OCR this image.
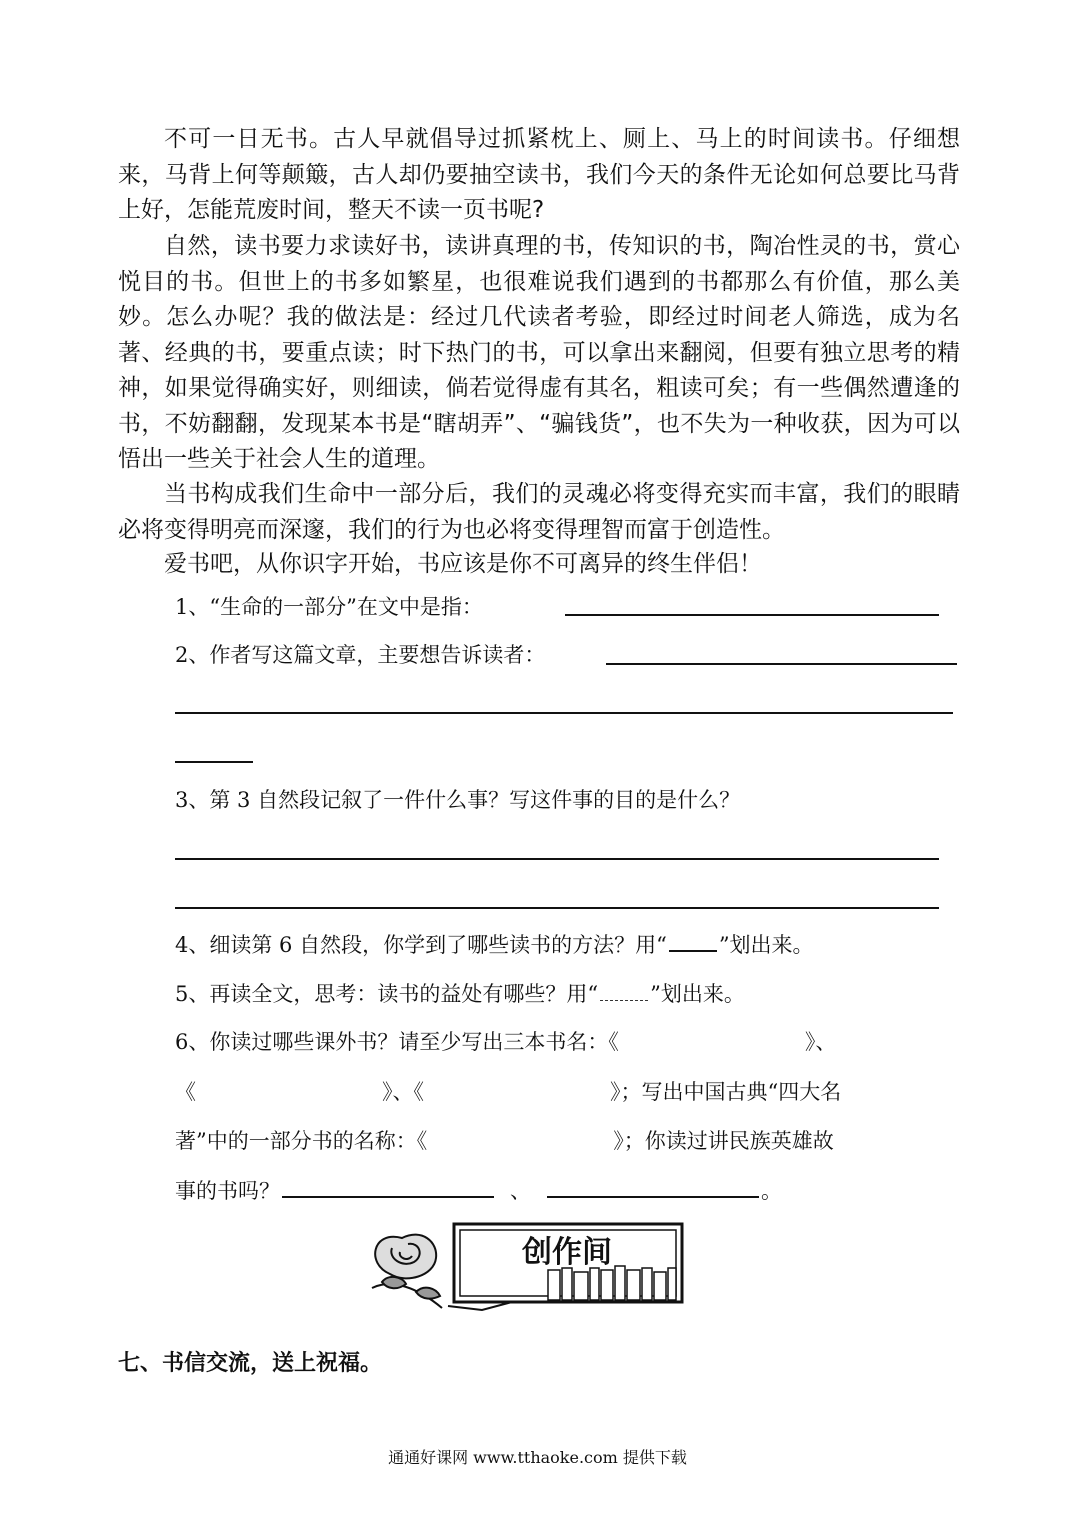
不可一日无书。古人早就倡导过抓紧枕上、厕上、马上的时间读书。仔细想来，马背上何等颠簸，古人却仍要抽空读书，我们今天的条件无论如何总要比马背上好，怎能荒废时间，整天不读一页书呢?

自然，读书要力求读好书，读讲真理的书，传知识的书，陶冶性灵的书，赏心悦目的书。但世上的书多如繁星，也很难说我们遇到的书都那么有价值，那么美妙。怎么办呢？我的做法是：经过几代读者考验，即经过时间老人筛选，成为名著、经典的书，要重点读；时下热门的书，可以拿出来翻阅，但要有独立思考的精神，如果觉得确实好，则细读，倘若觉得虚有其名，粗读可矣；有一些偶然遭逢的书，不妨翻翻，发现某本书是“瞎胡弄”、“骗钱货”，也不失为一种收获，因为可以悟出一些关于社会人生的道理。

当书构成我们生命中一部分后，我们的灵魂必将变得充实而丰富，我们的眼睛必将变得明亮而深邃，我们的行为也必将变得理智而富于创造性。

爱书吧，从你识字开始，书应该是你不可离异的终生伴侣！

1、“生命的一部分”在文中是指：
2、作者写这篇文章，主要想告诉读者：
3、第 3 自然段记叙了一件什么事？写这件事的目的是什么？
4、细读第 6 自然段，你学到了哪些读书的方法？用“ ”划出来。
5、再读全文，思考：读书的益处有哪些？用“ ”划出来。
6、你读过哪些课外书？请至少写出三本书名：《	》、
《	》、《	》；写出中国古典“四大名
著”中的一部分书的名称：《	》；你读过讲民族英雄故
事的书吗？	、	。
创作间
七、书信交流，送上祝福。
通通好课网 www.tthaoke.com 提供下载
